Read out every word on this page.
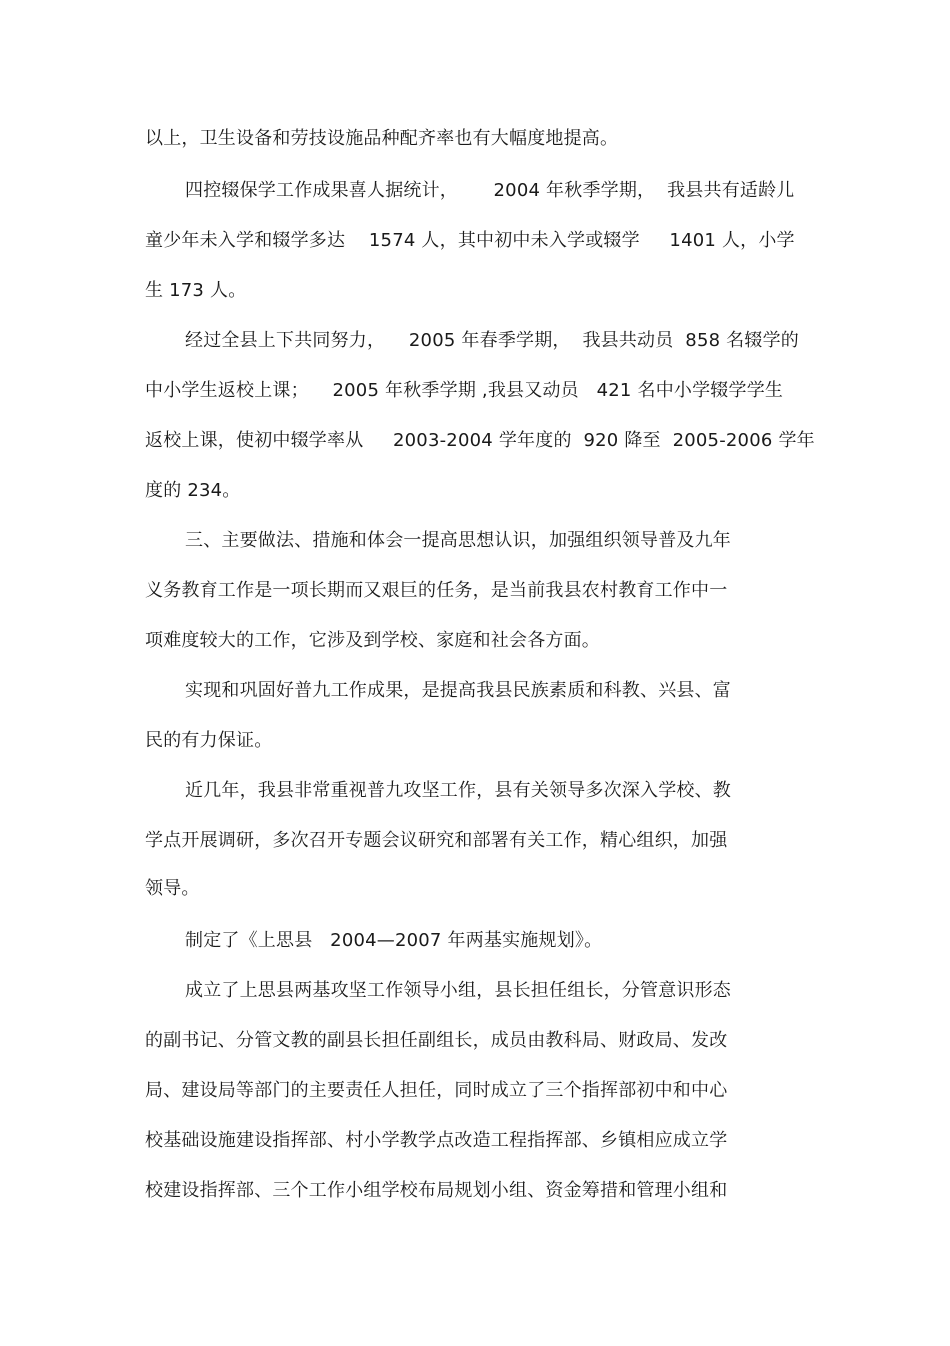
以上，卫生设备和劳技设施品种配齐率也有大幅度地提高。
四控辍保学工作成果喜人据统计，      2004 年秋季学期，  我县共有适龄儿
童少年未入学和辍学多达    1574 人，其中初中未入学或辍学     1401 人，小学
生 173 人。
经过全县上下共同努力，    2005 年春季学期，  我县共动员  858 名辍学的
中小学生返校上课；    2005 年秋季学期 ,我县又动员   421 名中小学辍学学生
返校上课，使初中辍学率从     2003-2004 学年度的  920 降至  2005-2006 学年
度的 234。
三、主要做法、措施和体会一提高思想认识，加强组织领导普及九年
义务教育工作是一项长期而又艰巨的任务，是当前我县农村教育工作中一
项难度较大的工作，它涉及到学校、家庭和社会各方面。
实现和巩固好普九工作成果，是提高我县民族素质和科教、兴县、富
民的有力保证。
近几年，我县非常重视普九攻坚工作，县有关领导多次深入学校、教
学点开展调研，多次召开专题会议研究和部署有关工作，精心组织，加强
领导。
制定了《上思县   2004—2007 年两基实施规划》。
成立了上思县两基攻坚工作领导小组，县长担任组长，分管意识形态
的副书记、分管文教的副县长担任副组长，成员由教科局、财政局、发改
局、建设局等部门的主要责任人担任，同时成立了三个指挥部初中和中心
校基础设施建设指挥部、村小学教学点改造工程指挥部、乡镇相应成立学
校建设指挥部、三个工作小组学校布局规划小组、资金筹措和管理小组和
